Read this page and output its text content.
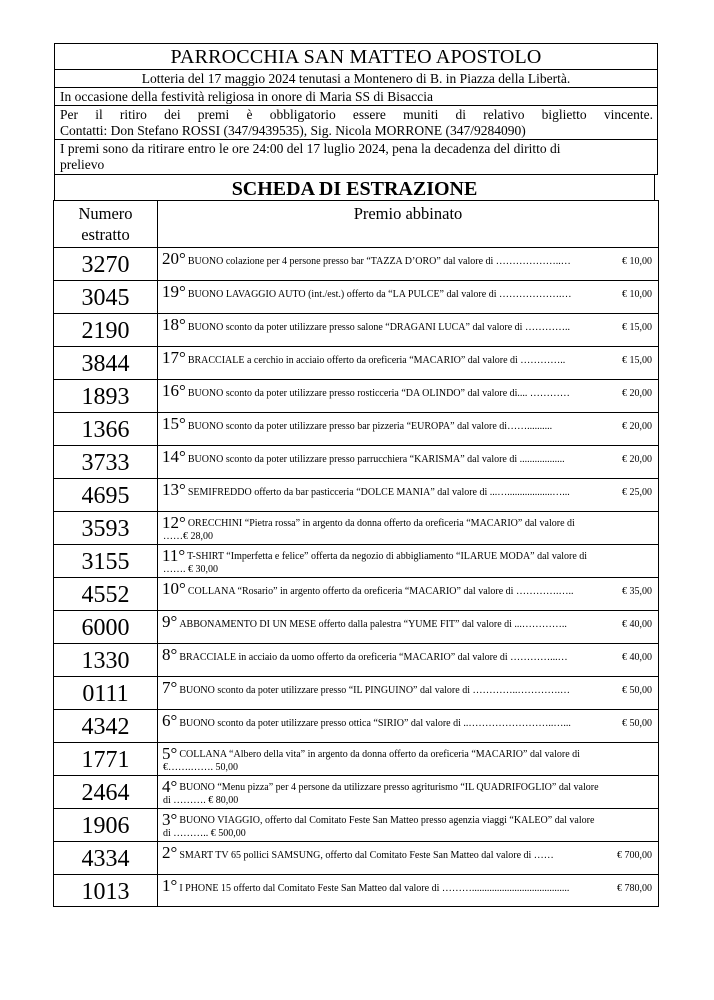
PARROCCHIA SAN MATTEO APOSTOLO
Lotteria del 17 maggio 2024 tenutasi a Montenero di B. in Piazza della Libertà.
In occasione della festività religiosa in onore di Maria SS di Bisaccia
Per il ritiro dei premi è obbligatorio essere muniti di relativo biglietto vincente.
Contatti: Don Stefano ROSSI (347/9439535), Sig. Nicola MORRONE (347/9284090)
I premi sono da ritirare entro le ore 24:00 del 17 luglio 2024, pena la decadenza del diritto di
prelievo
SCHEDA DI ESTRAZIONE
Numero
estratto
Premio abbinato
3270	20° BUONO colazione per 4 persone presso bar “TAZZA D’ORO” dal valore di ………………..…	€ 10,00
3045	19° BUONO LAVAGGIO AUTO (int./est.) offerto da “LA PULCE” dal valore di ……………….…	€ 10,00
2190	18° BUONO sconto da poter utilizzare presso salone “DRAGANI LUCA” dal valore di …………..	€ 15,00
3844	17° BRACCIALE a cerchio in acciaio offerto da oreficeria “MACARIO” dal valore di …………..	€ 15,00
1893	16° BUONO sconto da poter utilizzare presso rosticceria “DA OLINDO” dal valore di.... …………	€ 20,00
1366	15° BUONO sconto da poter utilizzare presso bar pizzeria “EUROPA” dal valore di……..........	€ 20,00
3733	14° BUONO sconto da poter utilizzare presso parrucchiera “KARISMA” dal valore di ..................	€ 20,00
4695	13° SEMIFREDDO offerto da bar pasticceria “DOLCE MANIA” dal valore di ...…..................…...	€ 25,00
3593	12° ORECCHINI “Pietra rossa” in argento da donna offerto da oreficeria “MACARIO” dal valore di
……€ 28,00
3155	11° T-SHIRT “Imperfetta e felice” offerta da negozio di abbigliamento “ILARUE MODA” dal valore di
……. € 30,00
4552	10° COLLANA “Rosario” in argento offerto da oreficeria “MACARIO” dal valore di ………….…..	€ 35,00
6000	9° ABBONAMENTO DI UN MESE offerto dalla palestra “YUME FIT” dal valore di ...…………..	€ 40,00
1330	8° BRACCIALE in acciaio da uomo offerto da oreficeria “MACARIO” dal valore di …………...…	€ 40,00
0111	7° BUONO sconto da poter utilizzare presso “IL PINGUINO” dal valore di …………..………….…	€ 50,00
4342	6° BUONO sconto da poter utilizzare presso ottica “SIRIO” dal valore di ..……………………..…...	€ 50,00
1771	5° COLLANA “Albero della vita” in argento da donna offerto da oreficeria “MACARIO” dal valore di
€…….……. 50,00
2464	4° BUONO “Menu pizza” per 4 persone da utilizzare presso agriturismo “IL QUADRIFOGLIO” dal valore
di ………. € 80,00
1906	3° BUONO VIAGGIO, offerto dal Comitato Feste San Matteo presso agenzia viaggi “KALEO” dal valore
di ……….. € 500,00
4334	2° SMART TV 65 pollici SAMSUNG, offerto dal Comitato Feste San Matteo dal valore di ……	€ 700,00
1013	1° I PHONE 15 offerto dal Comitato Feste San Matteo dal valore di ……….......................................	€ 780,00
